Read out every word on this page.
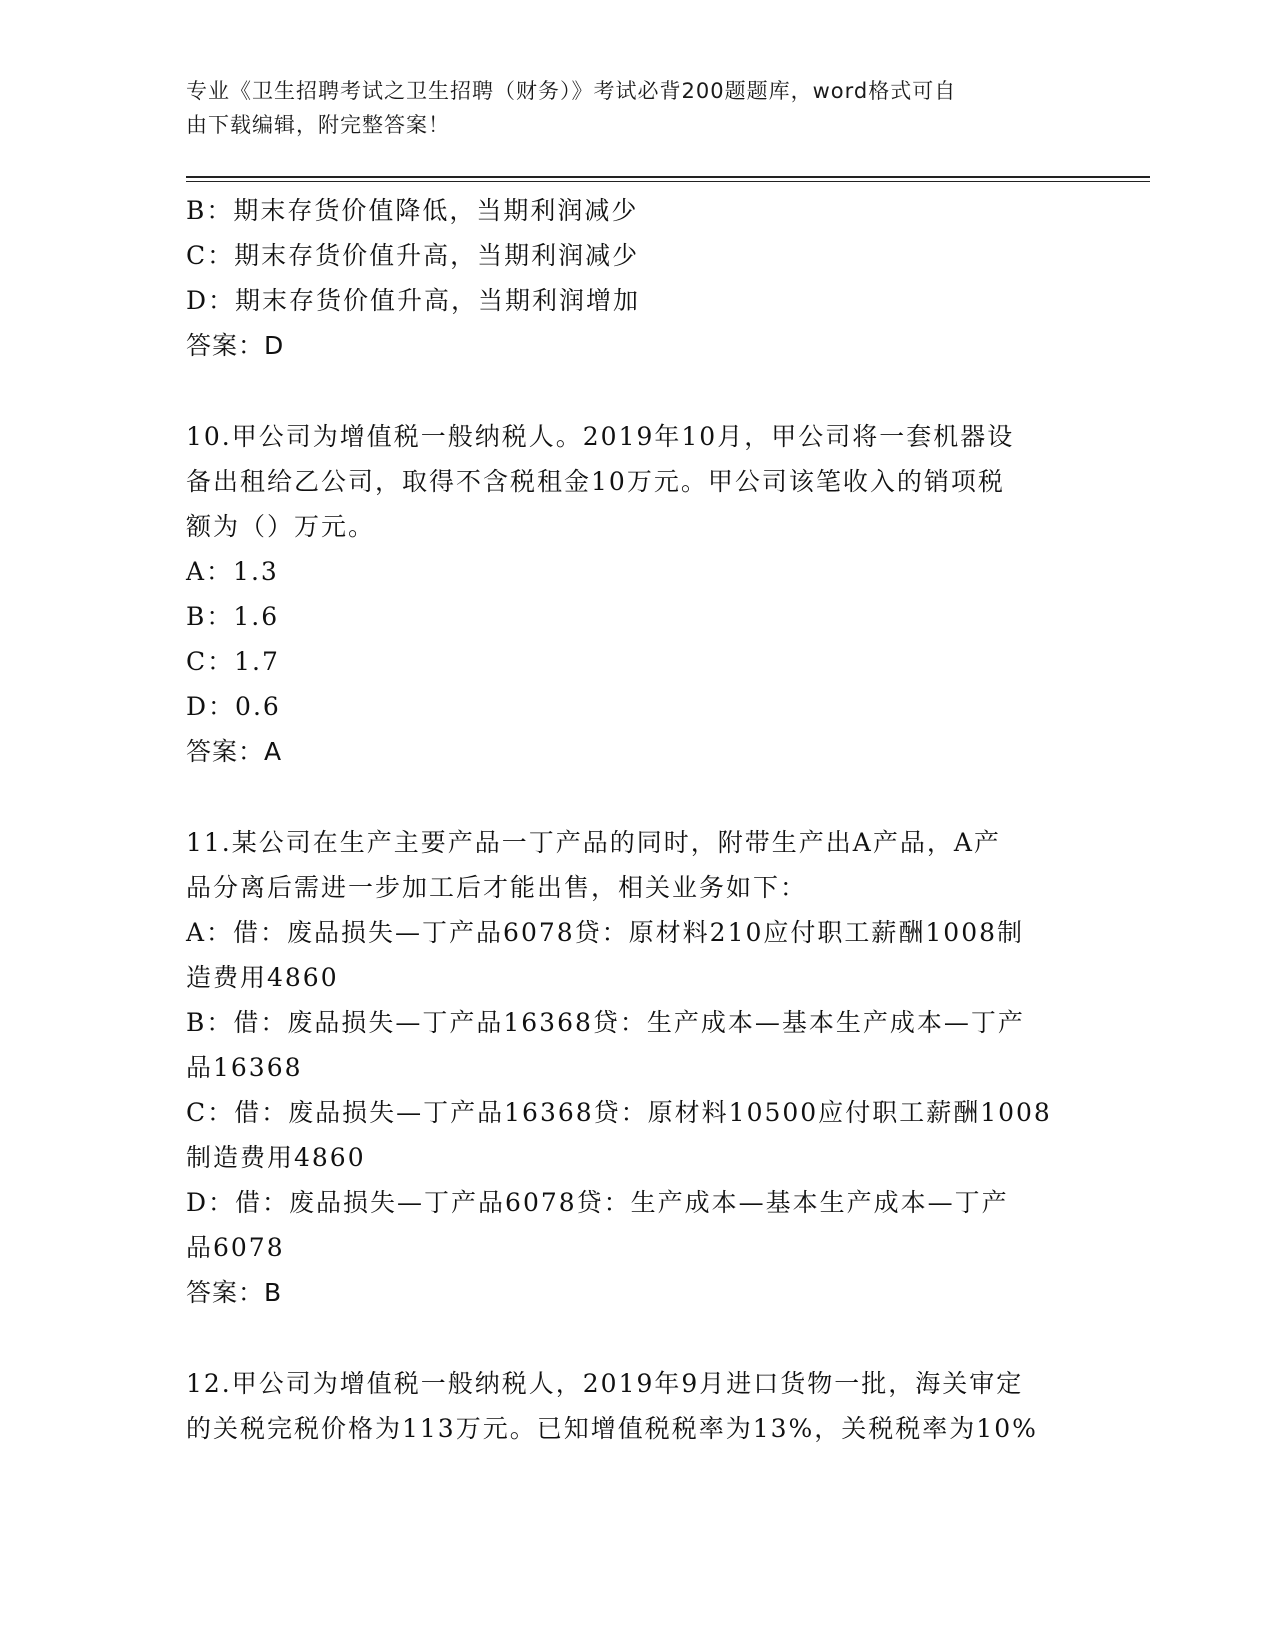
专业《卫生招聘考试之卫生招聘（财务）》考试必背200题题库，word格式可自
由下载编辑，附完整答案！
B：期末存货价值降低，当期利润减少
C：期末存货价值升高，当期利润减少
D：期末存货价值升高，当期利润增加
答案：D
10.甲公司为增值税一般纳税人。2019年10月，甲公司将一套机器设
备出租给乙公司，取得不含税租金10万元。甲公司该笔收入的销项税
额为（）万元。
A：1.3
B：1.6
C：1.7
D：0.6
答案：A
11.某公司在生产主要产品一丁产品的同时，附带生产出A产品，A产
品分离后需进一步加工后才能出售，相关业务如下：
A：借：废品损失—丁产品6078贷：原材料210应付职工薪酬1008制
造费用4860
B：借：废品损失—丁产品16368贷：生产成本—基本生产成本—丁产
品16368
C：借：废品损失—丁产品16368贷：原材料10500应付职工薪酬1008
制造费用4860
D：借：废品损失—丁产品6078贷：生产成本—基本生产成本—丁产
品6078
答案：B
12.甲公司为增值税一般纳税人，2019年9月进口货物一批，海关审定
的关税完税价格为113万元。已知增值税税率为13%，关税税率为10%
